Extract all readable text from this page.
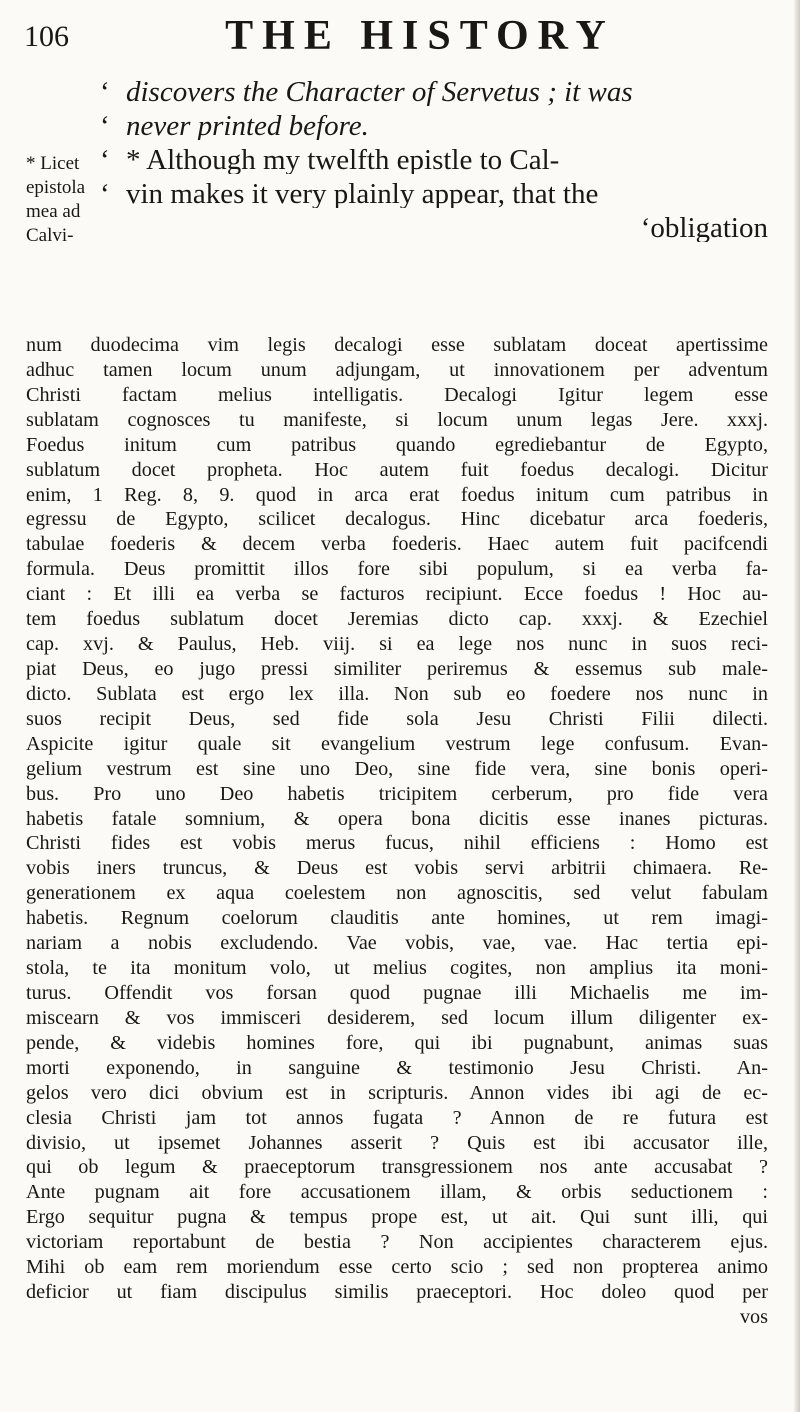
106	THE HISTORY
‘ discovers the Character of Servetus ; it was
‘ never printed before.
‘ * Although my twelfth epistle to Cal-
‘ vin makes it very plainly appear, that the
‘obligation
* Licet
epistola
mea ad
Calvi-
num duodecima vim legis decalogi esse sublatam doceat apertissime
adhuc tamen locum unum adjungam, ut innovationem per adventum
Christi factam melius intelligatis. Decalogi Igitur legem esse
sublatam cognosces tu manifeste, si locum unum legas Jere. xxxj.
Foedus initum cum patribus quando egrediebantur de Egypto,
sublatum docet propheta. Hoc autem fuit foedus decalogi. Dicitur
enim, 1 Reg. 8, 9. quod in arca erat foedus initum cum patribus in
egressu de Egypto, scilicet decalogus. Hinc dicebatur arca foederis,
tabulae foederis & decem verba foederis. Haec autem fuit pacifcendi
formula. Deus promittit illos fore sibi populum, si ea verba fa-
ciant : Et illi ea verba se facturos recipiunt. Ecce foedus ! Hoc au-
tem foedus sublatum docet Jeremias dicto cap. xxxj. & Ezechiel
cap. xvj. & Paulus, Heb. viij. si ea lege nos nunc in suos reci-
piat Deus, eo jugo pressi similiter periremus & essemus sub male-
dicto. Sublata est ergo lex illa. Non sub eo foedere nos nunc in
suos recipit Deus, sed fide sola Jesu Christi Filii dilecti.
Aspicite igitur quale sit evangelium vestrum lege confusum. Evan-
gelium vestrum est sine uno Deo, sine fide vera, sine bonis operi-
bus. Pro uno Deo habetis tricipitem cerberum, pro fide vera
habetis fatale somnium, & opera bona dicitis esse inanes picturas.
Christi fides est vobis merus fucus, nihil efficiens : Homo est
vobis iners truncus, & Deus est vobis servi arbitrii chimaera. Re-
generationem ex aqua coelestem non agnoscitis, sed velut fabulam
habetis. Regnum coelorum clauditis ante homines, ut rem imagi-
nariam a nobis excludendo. Vae vobis, vae, vae. Hac tertia epi-
stola, te ita monitum volo, ut melius cogites, non amplius ita moni-
turus. Offendit vos forsan quod pugnae illi Michaelis me im-
miscearn & vos immisceri desiderem, sed locum illum diligenter ex-
pende, & videbis homines fore, qui ibi pugnabunt, animas suas
morti exponendo, in sanguine & testimonio Jesu Christi. An-
gelos vero dici obvium est in scripturis. Annon vides ibi agi de ec-
clesia Christi jam tot annos fugata ? Annon de re futura est
divisio, ut ipsemet Johannes asserit ? Quis est ibi accusator ille,
qui ob legum & praeceptorum transgressionem nos ante accusabat ?
Ante pugnam ait fore accusationem illam, & orbis seductionem :
Ergo sequitur pugna & tempus prope est, ut ait. Qui sunt illi, qui
victoriam reportabunt de bestia ? Non accipientes characterem ejus.
Mihi ob eam rem moriendum esse certo scio ; sed non propterea animo
deficior ut fiam discipulus similis praeceptori. Hoc doleo quod per
vos
